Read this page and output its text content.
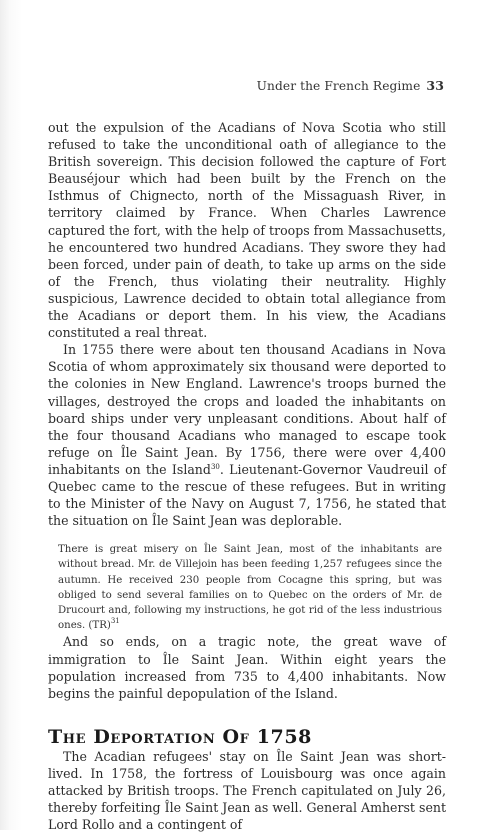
Under the French Regime 33

out the expulsion of the Acadians of Nova Scotia who still refused to take the unconditional oath of allegiance to the British sovereign. This decision followed the capture of Fort Beauséjour which had been built by the French on the Isthmus of Chignecto, north of the Missaguash River, in territory claimed by France. When Charles Lawrence captured the fort, with the help of troops from Massachusetts, he encountered two hundred Acadians. They swore they had been forced, under pain of death, to take up arms on the side of the French, thus violating their neutrality. Highly suspicious, Lawrence decided to obtain total allegiance from the Acadians or deport them. In his view, the Acadians constituted a real threat.

In 1755 there were about ten thousand Acadians in Nova Scotia of whom approximately six thousand were deported to the colonies in New England. Lawrence's troops burned the villages, destroyed the crops and loaded the inhabitants on board ships under very unpleasant conditions. About half of the four thousand Acadians who managed to escape took refuge on Île Saint Jean. By 1756, there were over 4,400 inhabitants on the Island$^{30}$. Lieutenant-Governor Vaudreuil of Quebec came to the rescue of these refugees. But in writing to the Minister of the Navy on August 7, 1756, he stated that the situation on Île Saint Jean was deplorable.

There is great misery on Île Saint Jean, most of the inhabitants are without bread. Mr. de Villejoin has been feeding 1,257 refugees since the autumn. He received 230 people from Cocagne this spring, but was obliged to send several families on to Quebec on the orders of Mr. de Drucourt and, following my instructions, he got rid of the less industrious ones. (TR)$^{31}$

And so ends, on a tragic note, the great wave of immigration to Île Saint Jean. Within eight years the population increased from 735 to 4,400 inhabitants. Now begins the painful depopulation of the Island.

The Deportation Of 1758

The Acadian refugees' stay on Île Saint Jean was short-lived. In 1758, the fortress of Louisbourg was once again attacked by British troops. The French capitulated on July 26, thereby forfeiting Île Saint Jean as well. General Amherst sent Lord Rollo and a contingent of
